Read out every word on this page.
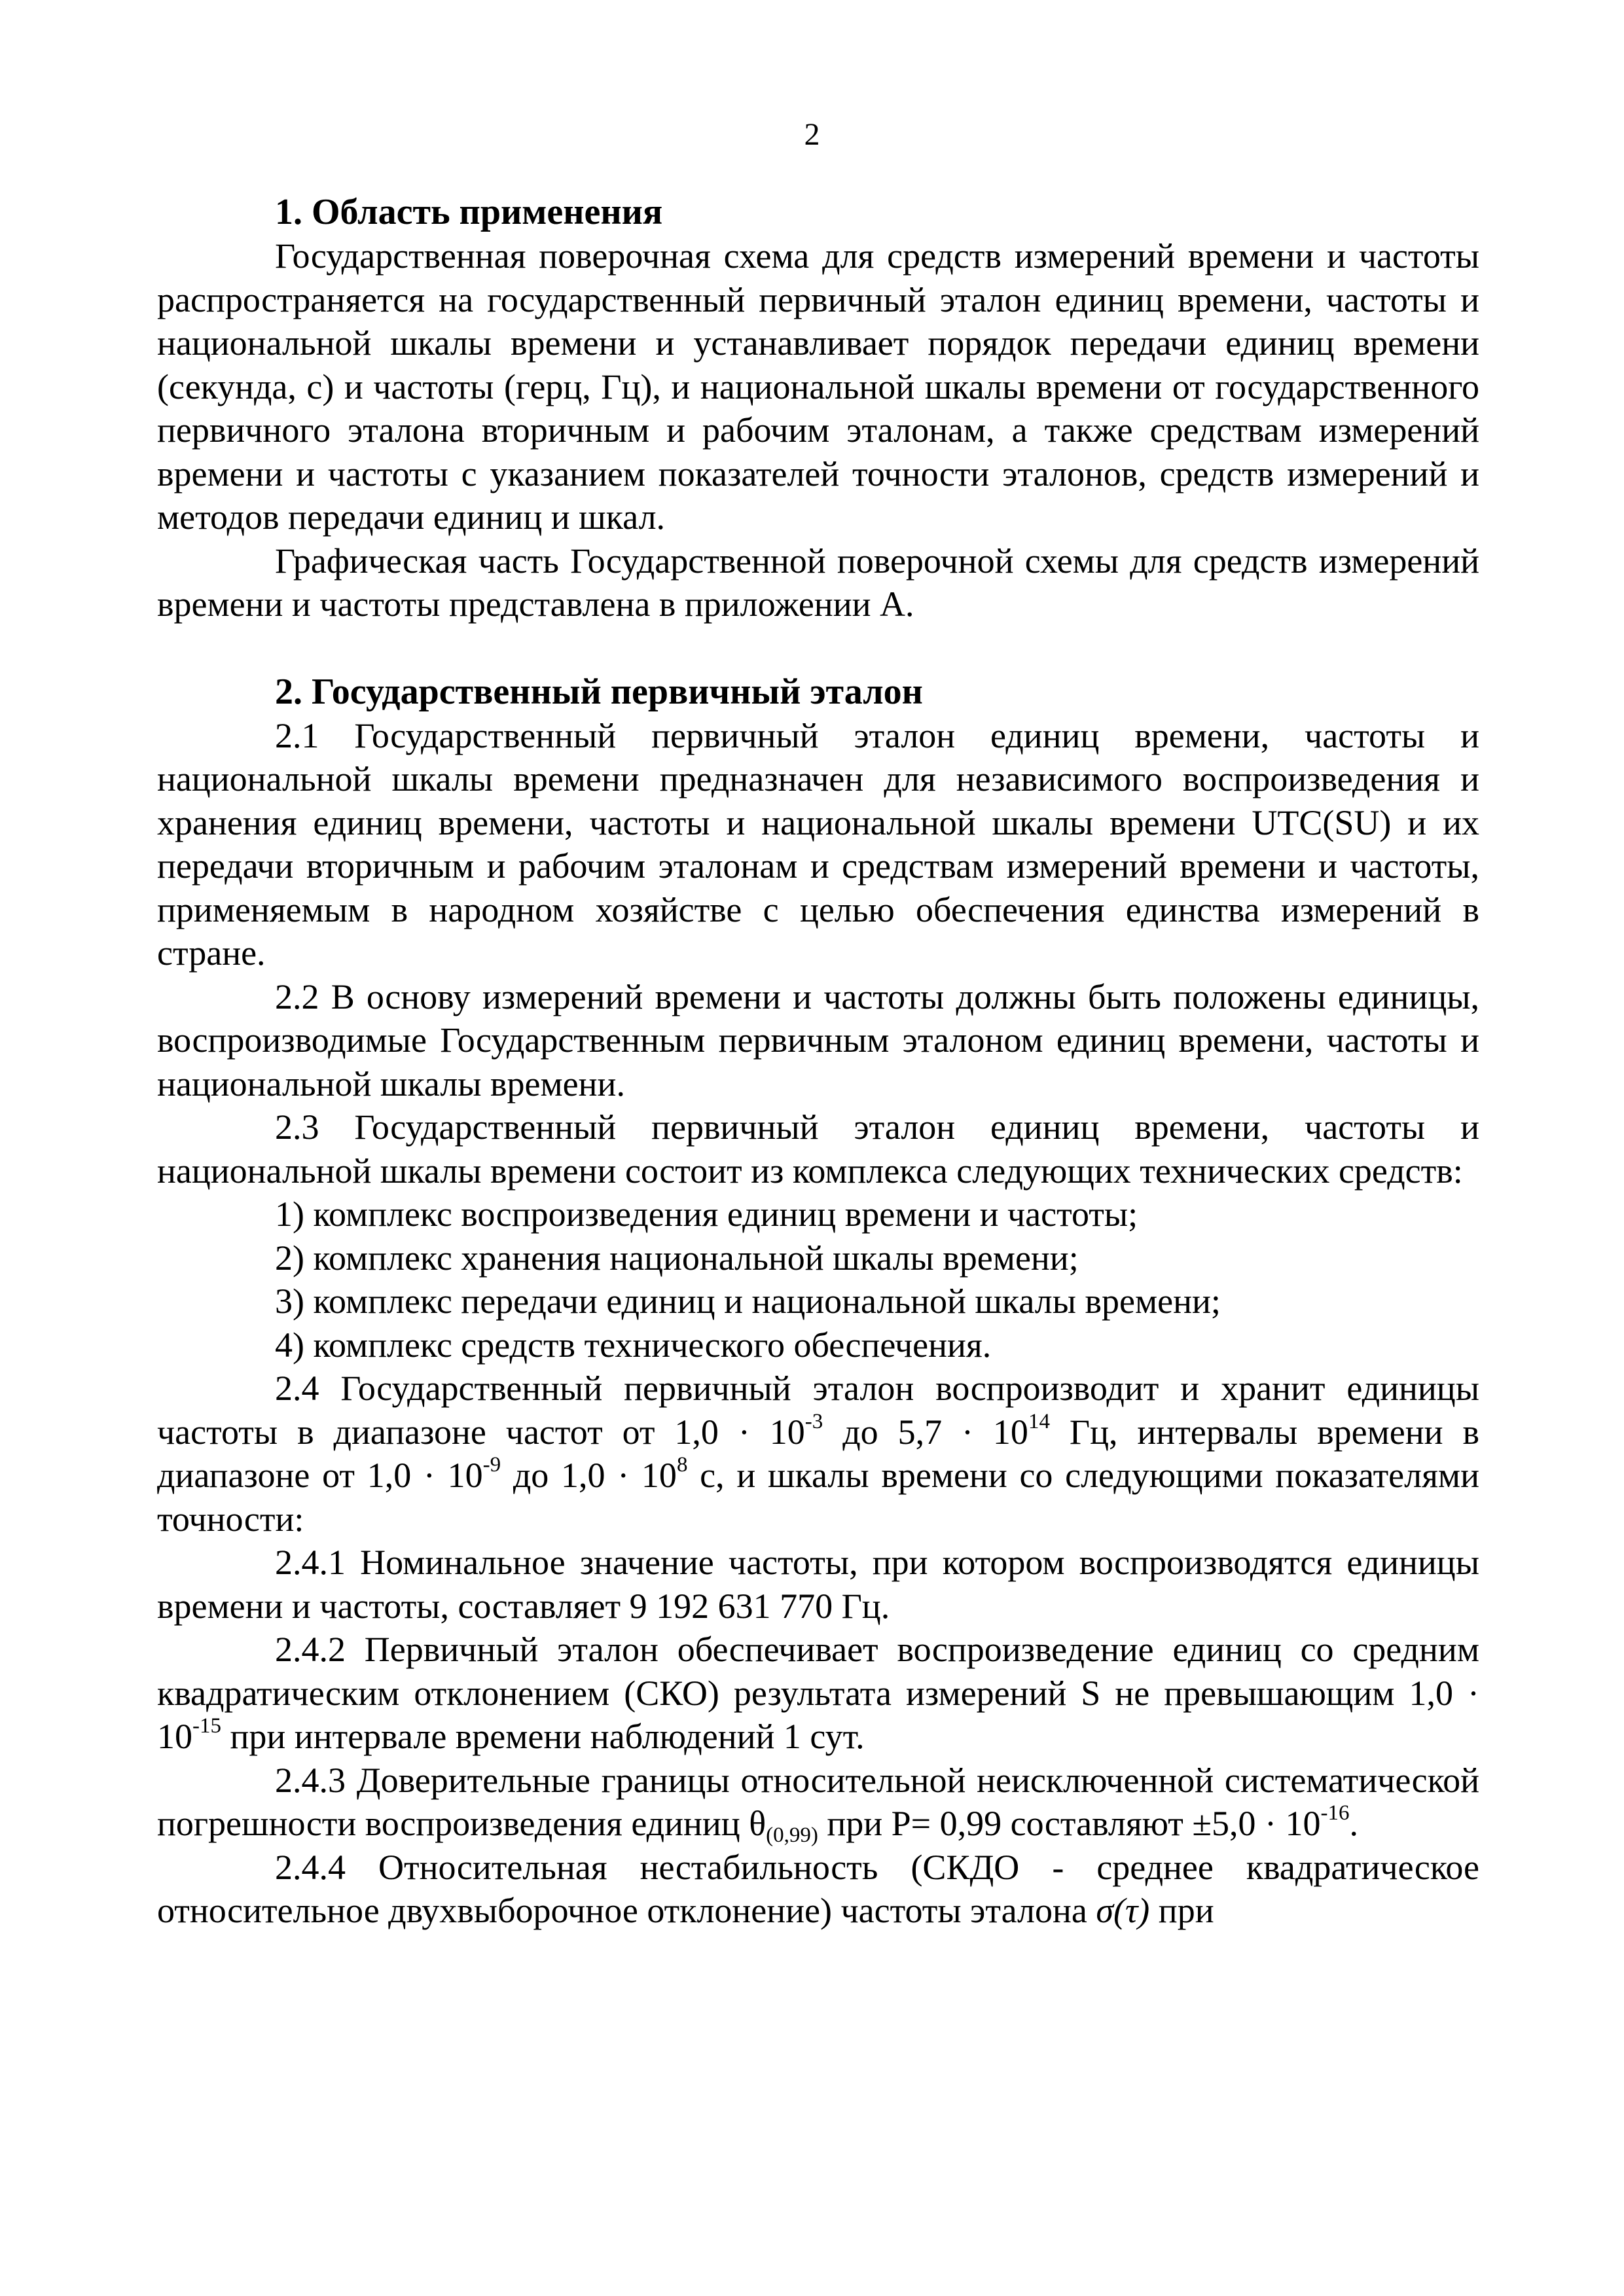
2
1. Область применения

Государственная поверочная схема для средств измерений времени и частоты распространяется на государственный первичный эталон единиц времени, частоты и национальной шкалы времени и устанавливает порядок передачи единиц времени (секунда, с) и частоты (герц, Гц), и национальной шкалы времени от государственного первичного эталона вторичным и рабочим эталонам, а также средствам измерений времени и частоты с указанием показателей точности эталонов, средств измерений и методов передачи единиц и шкал.

Графическая часть Государственной поверочной схемы для средств измерений времени и частоты представлена в приложении А.

2. Государственный первичный эталон

2.1 Государственный первичный эталон единиц времени, частоты и национальной шкалы времени предназначен для независимого воспроизведения и хранения единиц времени, частоты и национальной шкалы времени UTC(SU) и их передачи вторичным и рабочим эталонам и средствам измерений времени и частоты, применяемым в народном хозяйстве с целью обеспечения единства измерений в стране.

2.2 В основу измерений времени и частоты должны быть положены единицы, воспроизводимые Государственным первичным эталоном единиц времени, частоты и национальной шкалы времени.

2.3 Государственный первичный эталон единиц времени, частоты и национальной шкалы времени состоит из комплекса следующих технических средств:

1) комплекс воспроизведения единиц времени и частоты;

2) комплекс хранения национальной шкалы времени;

3) комплекс передачи единиц и национальной шкалы времени;

4) комплекс средств технического обеспечения.

2.4 Государственный первичный эталон воспроизводит и хранит единицы частоты в диапазоне частот от $1,0 \cdot 10^{-3}$ до $5,7 \cdot 10^{14}$ Гц, интервалы времени в диапазоне от $1,0 \cdot 10^{-9}$ до $1,0 \cdot 10^8$ с, и шкалы времени со следующими показателями точности:

2.4.1 Номинальное значение частоты, при котором воспроизводятся единицы времени и частоты, составляет 9 192 631 770 Гц.

2.4.2 Первичный эталон обеспечивает воспроизведение единиц со средним квадратическим отклонением (СКО) результата измерений S не превышающим $1,0 \cdot 10^{-15}$ при интервале времени наблюдений 1 сут.

2.4.3 Доверительные границы относительной неисключенной систематической погрешности воспроизведения единиц $\theta_{(0,99)}$ при Р= 0,99 составляют $\pm 5,0 \cdot 10^{-16}$.

2.4.4 Относительная нестабильность (СКДО - среднее квадратическое относительное двухвыборочное отклонение) частоты эталона σ(τ) при
